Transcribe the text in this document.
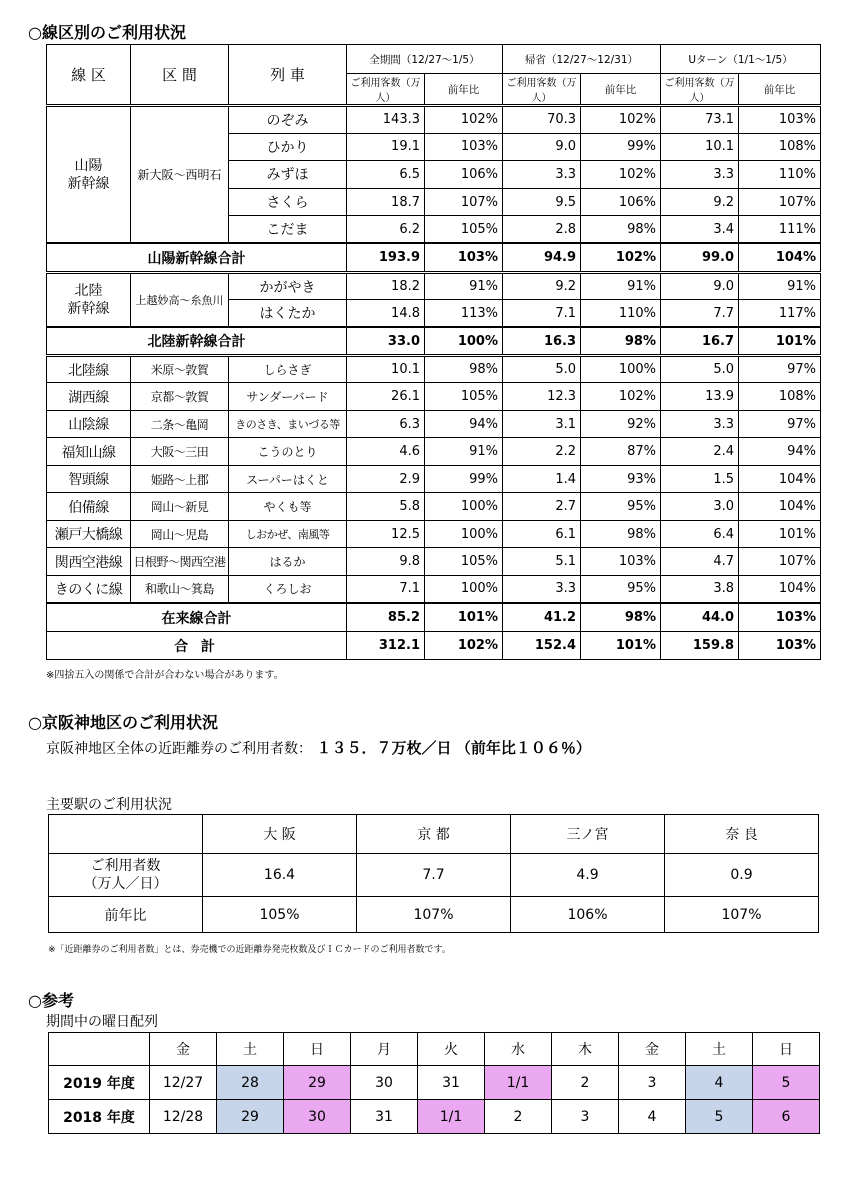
○線区別のご利用状況
線 区	区 間	列 車	全期間（12/27～1/5）		帰省（12/27～12/31）		Uターン（1/1～1/5）	
			ご利用客数（万人）	前年比	ご利用客数（万人）	前年比	ご利用客数（万人）	前年比
山陽
新幹線	新大阪～西明石	のぞみ	143.3	102%	70.3	102%	73.1	103%
		ひかり	19.1	103%	9.0	99%	10.1	108%
		みずほ	6.5	106%	3.3	102%	3.3	110%
		さくら	18.7	107%	9.5	106%	9.2	107%
		こだま	6.2	105%	2.8	98%	3.4	111%
山陽新幹線合計			193.9	103%	94.9	102%	99.0	104%
北陸
新幹線	上越妙高～糸魚川	かがやき	18.2	91%	9.2	91%	9.0	91%
		はくたか	14.8	113%	7.1	110%	7.7	117%
北陸新幹線合計			33.0	100%	16.3	98%	16.7	101%
北陸線	米原～敦賀	しらさぎ	10.1	98%	5.0	100%	5.0	97%
湖西線	京都～敦賀	サンダーバード	26.1	105%	12.3	102%	13.9	108%
山陰線	二条～亀岡	きのさき、まいづる等	6.3	94%	3.1	92%	3.3	97%
福知山線	大阪～三田	こうのとり	4.6	91%	2.2	87%	2.4	94%
智頭線	姫路～上郡	スーパーはくと	2.9	99%	1.4	93%	1.5	104%
伯備線	岡山～新見	やくも等	5.8	100%	2.7	95%	3.0	104%
瀬戸大橋線	岡山～児島	しおかぜ、南風等	12.5	100%	6.1	98%	6.4	101%
関西空港線	日根野～関西空港	はるか	9.8	105%	5.1	103%	4.7	107%
きのくに線	和歌山～箕島	くろしお	7.1	100%	3.3	95%	3.8	104%
在来線合計			85.2	101%	41.2	98%	44.0	103%
合 計			312.1	102%	152.4	101%	159.8	103%
※四捨五入の関係で合計が合わない場合があります。
○京阪神地区のご利用状況
京阪神地区全体の近距離券のご利用者数： １３５．７万枚／日 （前年比１０６％）
主要駅のご利用状況
	大 阪	京 都	三ノ宮	奈 良
ご利用者数
（万人／日）	16.4	7.7	4.9	0.9
前年比	105%	107%	106%	107%
※「近距離券のご利用者数」とは、券売機での近距離券発売枚数及びＩＣカードのご利用者数です。
○参考
期間中の曜日配列
	金	土	日	月	火	水	木	金	土	日
2019 年度	12/27	28	29	30	31	1/1	2	3	4	5
2018 年度	12/28	29	30	31	1/1	2	3	4	5	6
